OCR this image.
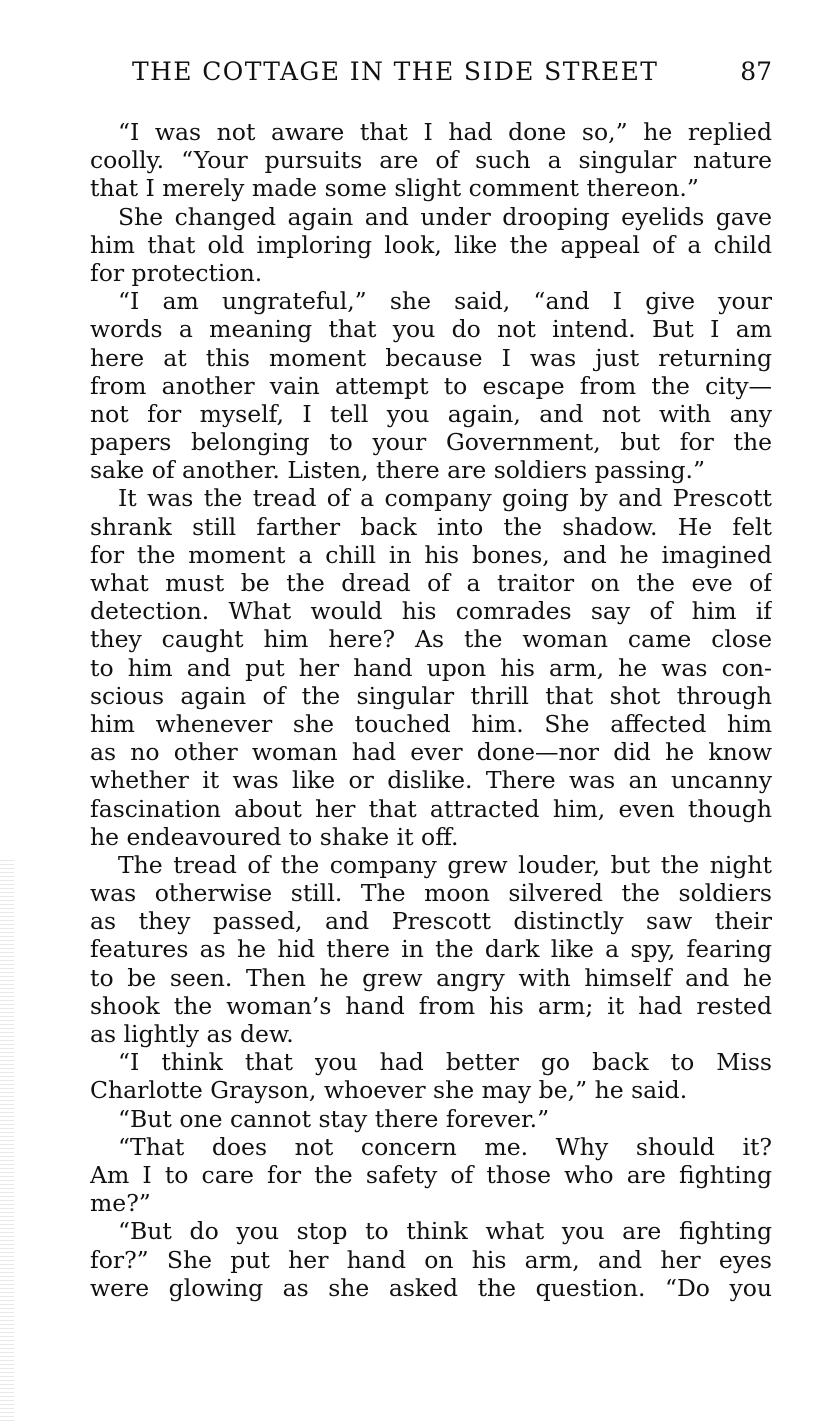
THE COTTAGE IN THE SIDE STREET	87
“I was not aware that I had done so,” he replied
coolly. “Your pursuits are of such a singular nature
that I merely made some slight comment thereon.”
She changed again and under drooping eyelids gave
him that old imploring look, like the appeal of a child
for protection.
“I am ungrateful,” she said, “and I give your
words a meaning that you do not intend. But I am
here at this moment because I was just returning
from another vain attempt to escape from the city—
not for myself, I tell you again, and not with any
papers belonging to your Government, but for the
sake of another. Listen, there are soldiers passing.”
It was the tread of a company going by and Prescott
shrank still farther back into the shadow. He felt
for the moment a chill in his bones, and he imagined
what must be the dread of a traitor on the eve of
detection. What would his comrades say of him if
they caught him here? As the woman came close
to him and put her hand upon his arm, he was con-
scious again of the singular thrill that shot through
him whenever she touched him. She affected him
as no other woman had ever done—nor did he know
whether it was like or dislike. There was an uncanny
fascination about her that attracted him, even though
he endeavoured to shake it off.
The tread of the company grew louder, but the night
was otherwise still. The moon silvered the soldiers
as they passed, and Prescott distinctly saw their
features as he hid there in the dark like a spy, fearing
to be seen. Then he grew angry with himself and he
shook the woman’s hand from his arm; it had rested
as lightly as dew.
“I think that you had better go back to Miss
Charlotte Grayson, whoever she may be,” he said.
“But one cannot stay there forever.”
“That does not concern me. Why should it?
Am I to care for the safety of those who are fighting
me?”
“But do you stop to think what you are fighting
for?” She put her hand on his arm, and her eyes
were glowing as she asked the question. “Do you
